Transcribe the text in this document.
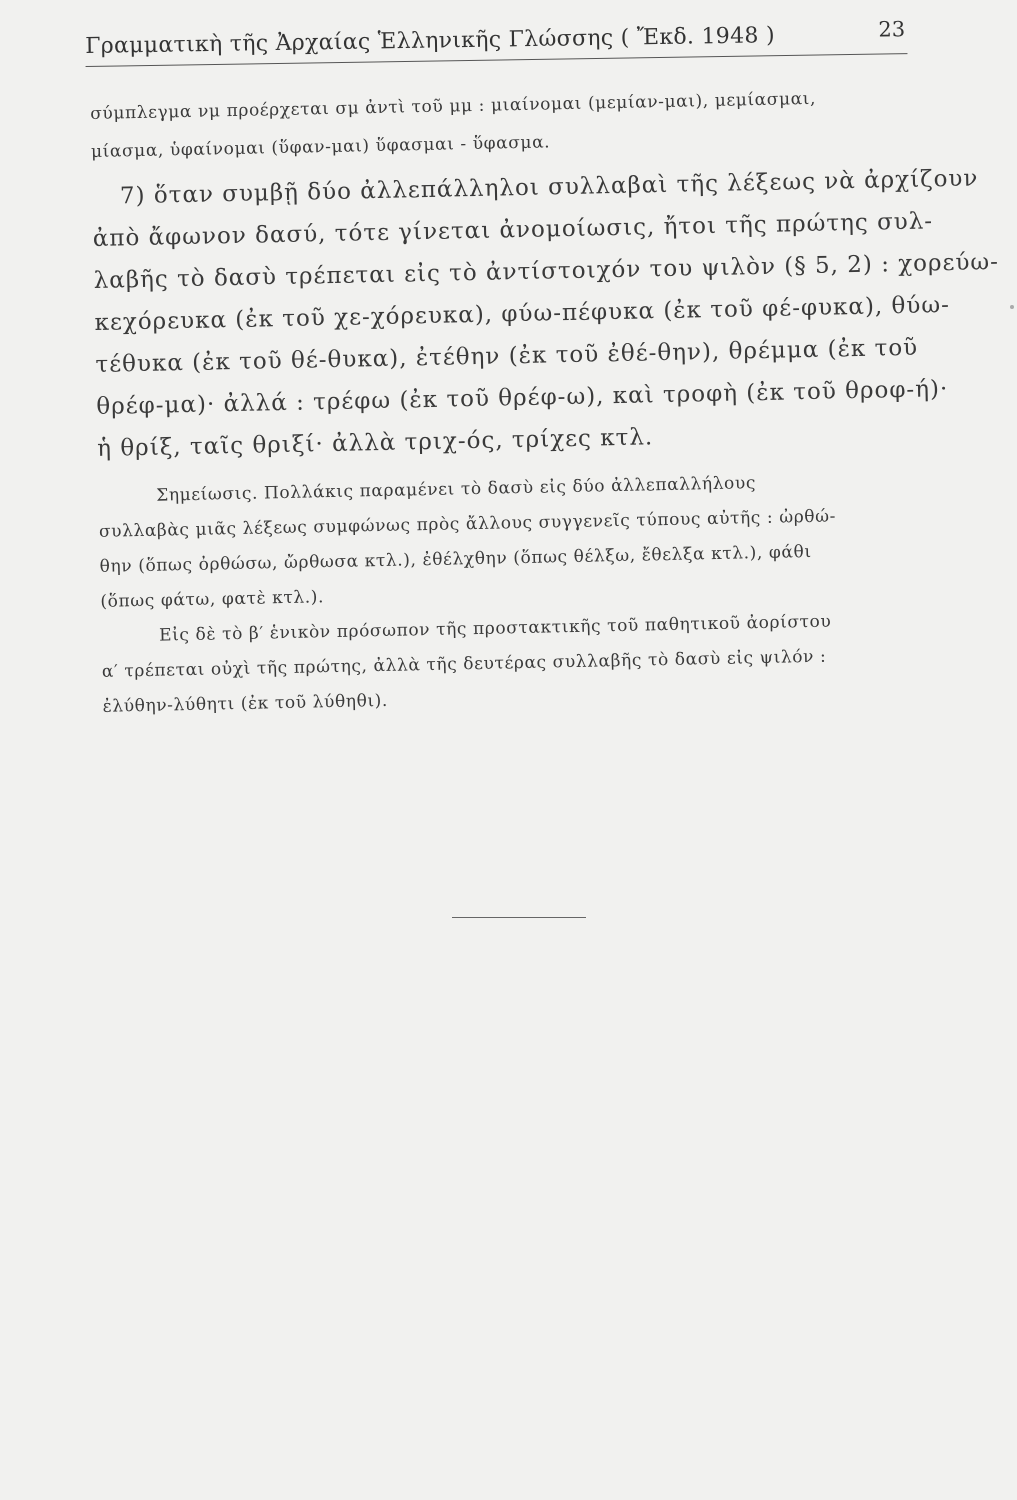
Γραμματικὴ τῆς Ἀρχαίας Ἑλληνικῆς Γλώσσης ( Ἔκδ. 1948 )	23
σύμπλεγμα νμ προέρχεται σμ ἀντὶ τοῦ μμ : μιαίνομαι (μεμίαν-μαι), μεμίασμαι,
μίασμα, ὑφαίνομαι (ὕφαν-μαι) ὕφασμαι - ὕφασμα.
7) ὅταν συμβῇ δύο ἀλλεπάλληλοι συλλαβαὶ τῆς λέξεως νὰ ἀρχίζουν
ἀπὸ ἄφωνον δασύ, τότε γίνεται ἀνομοίωσις, ἤτοι τῆς πρώτης συλ-
λαβῆς τὸ δασὺ τρέπεται εἰς τὸ ἀντίστοιχόν του ψιλὸν (§ 5, 2) : χορεύω-
κεχόρευκα (ἐκ τοῦ χε-χόρευκα), φύω-πέφυκα (ἐκ τοῦ φέ-φυκα), θύω-
τέθυκα (ἐκ τοῦ θέ-θυκα), ἐτέθην (ἐκ τοῦ ἐθέ-θην), θρέμμα (ἐκ τοῦ
θρέφ-μα)· ἀλλά : τρέφω (ἐκ τοῦ θρέφ-ω), καὶ τροφὴ (ἐκ τοῦ θροφ-ή)·
ἡ θρίξ, ταῖς θριξί· ἀλλὰ τριχ-ός, τρίχες κτλ.
Σημείωσις. Πολλάκις παραμένει τὸ δασὺ εἰς δύο ἀλλεπαλλήλους
συλλαβὰς μιᾶς λέξεως συμφώνως πρὸς ἄλλους συγγενεῖς τύπους αὐτῆς : ὠρθώ-
θην (ὅπως ὀρθώσω, ὤρθωσα κτλ.), ἐθέλχθην (ὅπως θέλξω, ἔθελξα κτλ.), φάθι
(ὅπως φάτω, φατὲ κτλ.).
Εἰς δὲ τὸ β′ ἑνικὸν πρόσωπον τῆς προστακτικῆς τοῦ παθητικοῦ ἀορίστου
α′ τρέπεται οὐχὶ τῆς πρώτης, ἀλλὰ τῆς δευτέρας συλλαβῆς τὸ δασὺ εἰς ψιλόν :
ἐλύθην-λύθητι (ἐκ τοῦ λύθηθι).
